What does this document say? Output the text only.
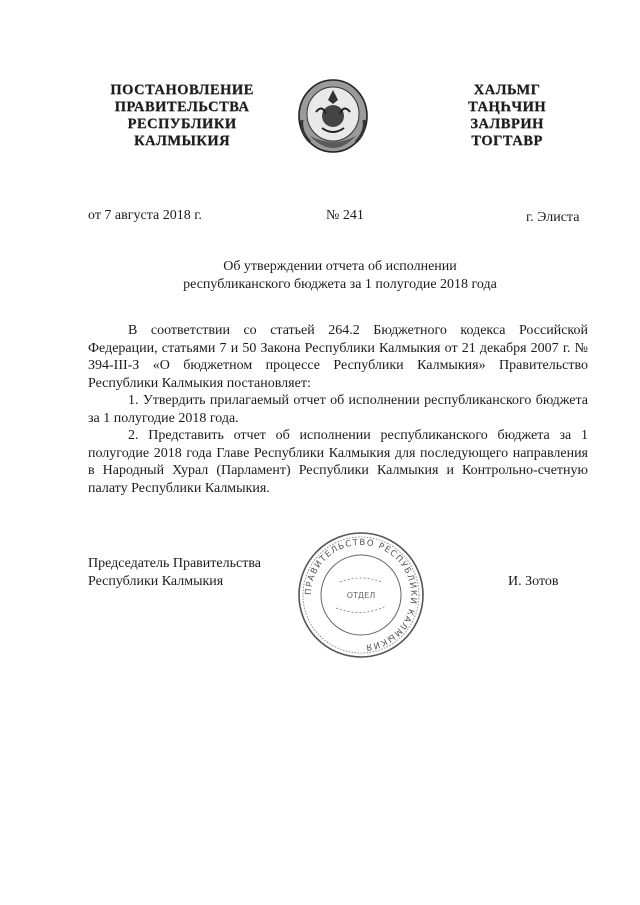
ПОСТАНОВЛЕНИЕ
ПРАВИТЕЛЬСТВА
РЕСПУБЛИКИ
КАЛМЫКИЯ
ХАЛЬМГ
ТАҢҺЧИН
ЗАЛВРИН
ТОГТАВР
от 7 августа 2018 г.	№ 241	г. Элиста
Об утверждении отчета об исполнении
республиканского бюджета за 1 полугодие 2018 года

В соответствии со статьей 264.2 Бюджетного кодекса Российской Федерации, статьями 7 и 50 Закона Республики Калмыкия от 21 декабря 2007 г. № 394-III-З «О бюджетном процессе Республики Калмыкия» Правительство Республики Калмыкия постановляет:

1. Утвердить прилагаемый отчет об исполнении республиканского бюджета за 1 полугодие 2018 года.

2. Представить отчет об исполнении республиканского бюджета за 1 полугодие 2018 года Главе Республики Калмыкия для последующего направления в Народный Хурал (Парламент) Республики Калмыкия и Контрольно-счетную палату Республики Калмыкия.

Председатель Правительства
Республики Калмыкия
ПРАВИТЕЛЬСТВО РЕСПУБЛИКИ КАЛМЫКИЯ
ОТДЕЛ
И. Зотов
